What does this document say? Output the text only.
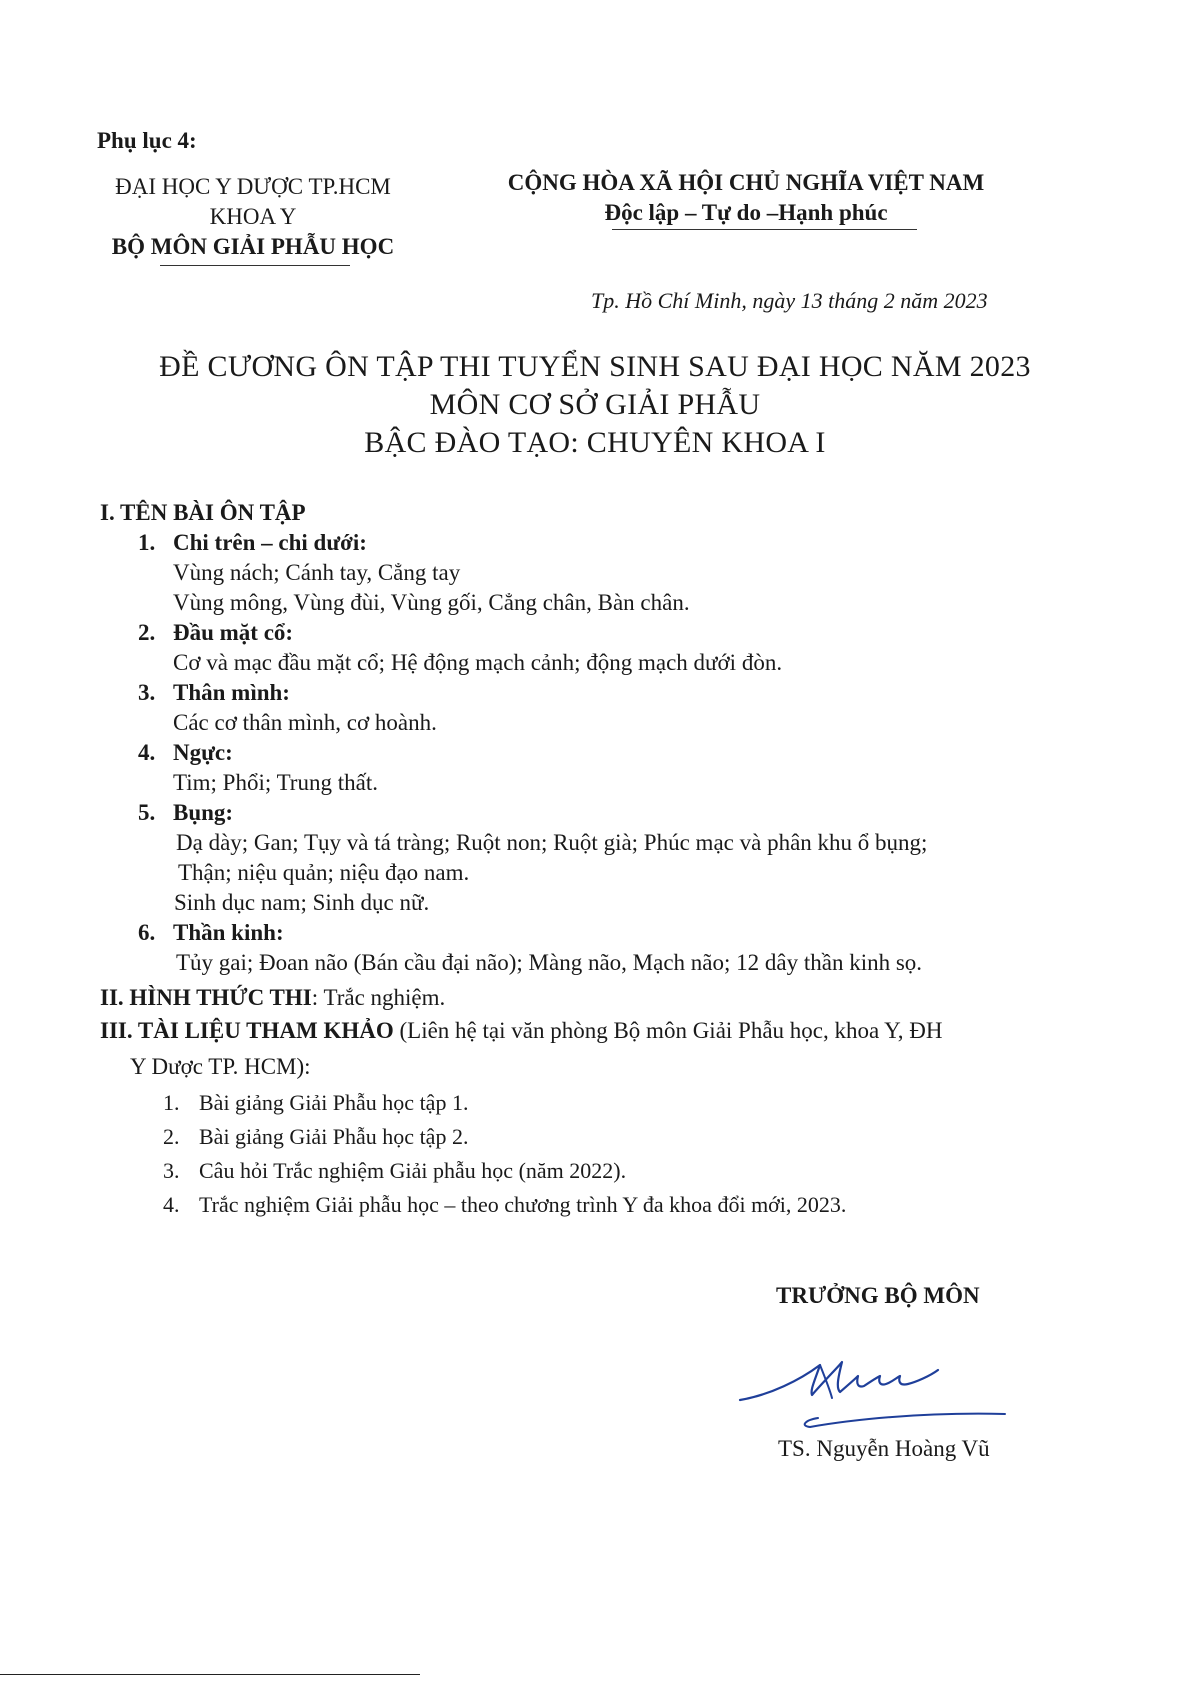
Phụ lục 4:
ĐẠI HỌC Y DƯỢC TP.HCM
KHOA Y
BỘ MÔN GIẢI PHẪU HỌC
CỘNG HÒA XÃ HỘI CHỦ NGHĨA VIỆT NAM
Độc lập – Tự do –Hạnh phúc
Tp. Hồ Chí Minh, ngày 13 tháng 2 năm 2023
ĐỀ CƯƠNG ÔN TẬP THI TUYỂN SINH SAU ĐẠI HỌC NĂM 2023
MÔN CƠ SỞ GIẢI PHẪU
BẬC ĐÀO TẠO: CHUYÊN KHOA I
I. TÊN BÀI ÔN TẬP
1. Chi trên – chi dưới:
Vùng nách; Cánh tay, Cẳng tay
Vùng mông, Vùng đùi, Vùng gối, Cẳng chân, Bàn chân.
2. Đầu mặt cổ:
Cơ và mạc đầu mặt cổ; Hệ động mạch cảnh; động mạch dưới đòn.
3. Thân mình:
Các cơ thân mình, cơ hoành.
4. Ngực:
Tim; Phổi; Trung thất.
5. Bụng:
Dạ dày; Gan; Tụy và tá tràng; Ruột non; Ruột già; Phúc mạc và phân khu ổ bụng;
Thận; niệu quản; niệu đạo nam.
Sinh dục nam; Sinh dục nữ.
6. Thần kinh:
Tủy gai; Đoan não (Bán cầu đại não); Màng não, Mạch não; 12 dây thần kinh sọ.
II. HÌNH THỨC THI: Trắc nghiệm.
III. TÀI LIỆU THAM KHẢO (Liên hệ tại văn phòng Bộ môn Giải Phẫu học, khoa Y, ĐH
Y Dược TP. HCM):
1. Bài giảng Giải Phẫu học tập 1.
2. Bài giảng Giải Phẫu học tập 2.
3. Câu hỏi Trắc nghiệm Giải phẫu học (năm 2022).
4. Trắc nghiệm Giải phẫu học – theo chương trình Y đa khoa đổi mới, 2023.
TRƯỞNG BỘ MÔN
TS. Nguyễn Hoàng Vũ
